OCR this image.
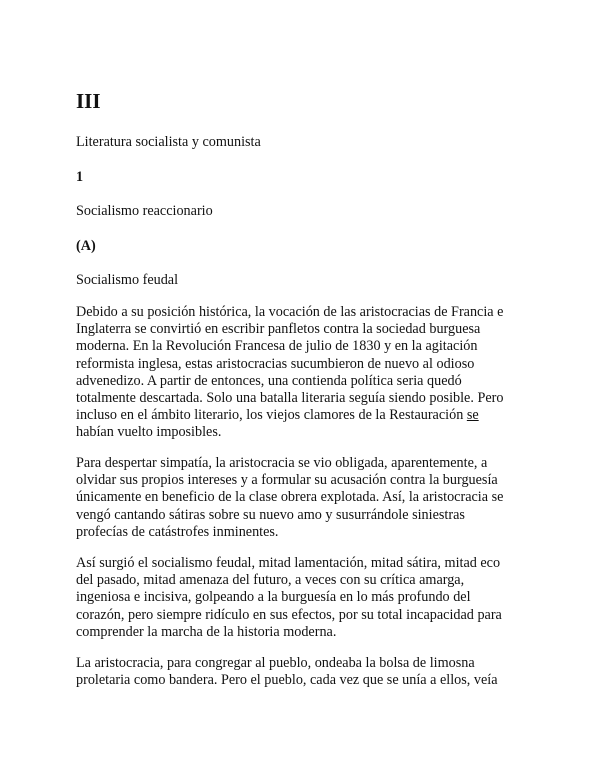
III

Literatura socialista y comunista

1

Socialismo reaccionario

(A)

Socialismo feudal

Debido a su posición histórica, la vocación de las aristocracias de Francia e
Inglaterra se convirtió en escribir panfletos contra la sociedad burguesa
moderna. En la Revolución Francesa de julio de 1830 y en la agitación
reformista inglesa, estas aristocracias sucumbieron de nuevo al odioso
advenedizo. A partir de entonces, una contienda política seria quedó
totalmente descartada. Solo una batalla literaria seguía siendo posible. Pero
incluso en el ámbito literario, los viejos clamores de la Restauración se
habían vuelto imposibles.
Para despertar simpatía, la aristocracia se vio obligada, aparentemente, a
olvidar sus propios intereses y a formular su acusación contra la burguesía
únicamente en beneficio de la clase obrera explotada. Así, la aristocracia se
vengó cantando sátiras sobre su nuevo amo y susurrándole siniestras
profecías de catástrofes inminentes.
Así surgió el socialismo feudal, mitad lamentación, mitad sátira, mitad eco
del pasado, mitad amenaza del futuro, a veces con su crítica amarga,
ingeniosa e incisiva, golpeando a la burguesía en lo más profundo del
corazón, pero siempre ridículo en sus efectos, por su total incapacidad para
comprender la marcha de la historia moderna.
La aristocracia, para congregar al pueblo, ondeaba la bolsa de limosna
proletaria como bandera. Pero el pueblo, cada vez que se unía a ellos, veía
